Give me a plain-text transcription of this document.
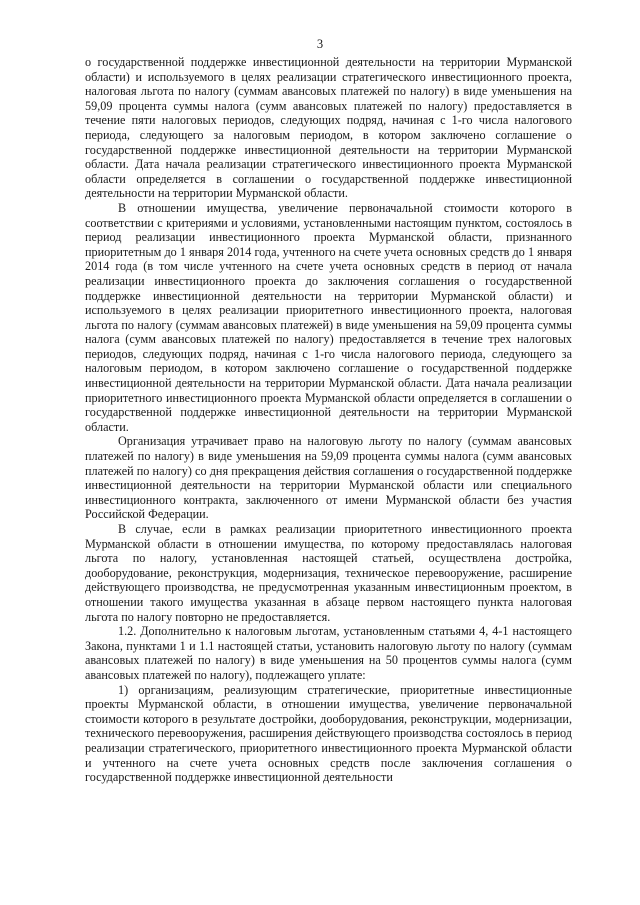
3

о государственной поддержке инвестиционной деятельности на территории Мурманской области) и используемого в целях реализации стратегического инвестиционного проекта, налоговая льгота по налогу (суммам авансовых платежей по налогу) в виде уменьшения на 59,09 процента суммы налога (сумм авансовых платежей по налогу) предоставляется в течение пяти налоговых периодов, следующих подряд, начиная с 1-го числа налогового периода, следующего за налоговым периодом, в котором заключено соглашение о государственной поддержке инвестиционной деятельности на территории Мурманской области. Дата начала реализации стратегического инвестиционного проекта Мурманской области определяется в соглашении о государственной поддержке инвестиционной деятельности на территории Мурманской области.

В отношении имущества, увеличение первоначальной стоимости которого в соответствии с критериями и условиями, установленными настоящим пунктом, состоялось в период реализации инвестиционного проекта Мурманской области, признанного приоритетным до 1 января 2014 года, учтенного на счете учета основных средств до 1 января 2014 года (в том числе учтенного на счете учета основных средств в период от начала реализации инвестиционного проекта до заключения соглашения о государственной поддержке инвестиционной деятельности на территории Мурманской области) и используемого в целях реализации приоритетного инвестиционного проекта, налоговая льгота по налогу (суммам авансовых платежей) в виде уменьшения на 59,09 процента суммы налога (сумм авансовых платежей по налогу) предоставляется в течение трех налоговых периодов, следующих подряд, начиная с 1-го числа налогового периода, следующего за налоговым периодом, в котором заключено соглашение о государственной поддержке инвестиционной деятельности на территории Мурманской области. Дата начала реализации приоритетного инвестиционного проекта Мурманской области определяется в соглашении о государственной поддержке инвестиционной деятельности на территории Мурманской области.

Организация утрачивает право на налоговую льготу по налогу (суммам авансовых платежей по налогу) в виде уменьшения на 59,09 процента суммы налога (сумм авансовых платежей по налогу) со дня прекращения действия соглашения о государственной поддержке инвестиционной деятельности на территории Мурманской области или специального инвестиционного контракта, заключенного от имени Мурманской области без участия Российской Федерации.

В случае, если в рамках реализации приоритетного инвестиционного проекта Мурманской области в отношении имущества, по которому предоставлялась налоговая льгота по налогу, установленная настоящей статьей, осуществлена достройка, дооборудование, реконструкция, модернизация, техническое перевооружение, расширение действующего производства, не предусмотренная указанным инвестиционным проектом, в отношении такого имущества указанная в абзаце первом настоящего пункта налоговая льгота по налогу повторно не предоставляется.

1.2. Дополнительно к налоговым льготам, установленным статьями 4, 4-1 настоящего Закона, пунктами 1 и 1.1 настоящей статьи, установить налоговую льготу по налогу (суммам авансовых платежей по налогу) в виде уменьшения на 50 процентов суммы налога (сумм авансовых платежей по налогу), подлежащего уплате:

1) организациям, реализующим стратегические, приоритетные инвестиционные проекты Мурманской области, в отношении имущества, увеличение первоначальной стоимости которого в результате достройки, дооборудования, реконструкции, модернизации, технического перевооружения, расширения действующего производства состоялось в период реализации стратегического, приоритетного инвестиционного проекта Мурманской области и учтенного на счете учета основных средств после заключения соглашения о государственной поддержке инвестиционной деятельности
